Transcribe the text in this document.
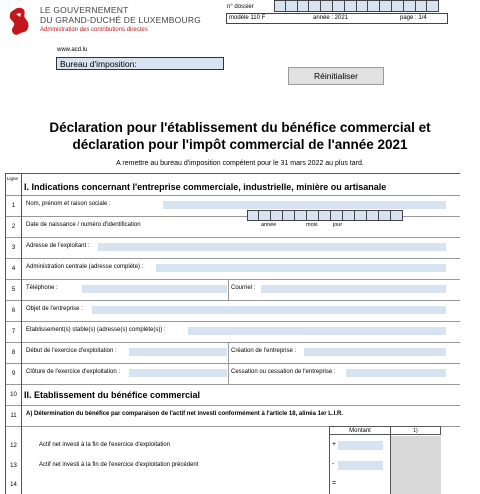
LE GOUVERNEMENT
DU GRAND-DUCHÉ DE LUXEMBOURG
Administration des contributions directes
n° dossier
modèle 110 F	année : 2021	page : 1/4
www.acd.lu
Bureau d'imposition:
Réinitialiser
Déclaration pour l'établissement du bénéfice commercial et
déclaration pour l'impôt commercial de l'année 2021
A remettre au bureau d'imposition compétent pour le 31 mars 2022 au plus tard.
Ligne
I. Indications concernant l'entreprise commerciale, industrielle, minière ou artisanale
1	Nom, prénom et raison sociale :
2	Date de naissance / numéro d'identification	année	mois	jour
3	Adresse de l'exploitant :
4	Administration centrale (adresse complète) :
5	Téléphone :	Courriel :
6	Objet de l'entreprise :
7	Etablissement(s) stable(s) (adresse(s) complète(s)) :
8	Début de l'exercice d'exploitation :	Création de l'entreprise :
9	Clôture de l'exercice d'exploitation :	Cessation ou cessation de l'entreprise :
10 II. Etablissement du bénéfice commercial
11	A) Détermination du bénéfice par comparaison de l'actif net investi conformément à l'article 18, alinéa 1er L.I.R.
Montant	1)
12	Actif net investi à la fin de l'exercice d'exploitation	+
13	Actif net investi à la fin de l'exercice d'exploitation précédent	-
14	=
